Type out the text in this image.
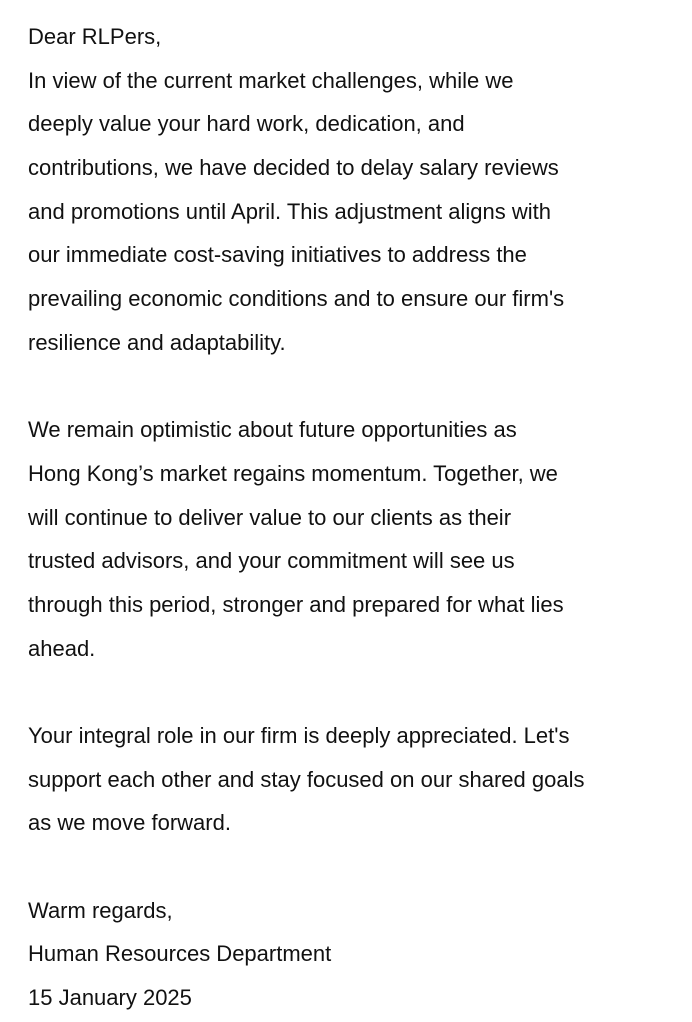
Dear RLPers,
In view of the current market challenges, while we
deeply value your hard work, dedication, and
contributions, we have decided to delay salary reviews
and promotions until April. This adjustment aligns with
our immediate cost-saving initiatives to address the
prevailing economic conditions and to ensure our firm's
resilience and adaptability.
We remain optimistic about future opportunities as
Hong Kong’s market regains momentum. Together, we
will continue to deliver value to our clients as their
trusted advisors, and your commitment will see us
through this period, stronger and prepared for what lies
ahead.
Your integral role in our firm is deeply appreciated. Let's
support each other and stay focused on our shared goals
as we move forward.
Warm regards,
Human Resources Department
15 January 2025
